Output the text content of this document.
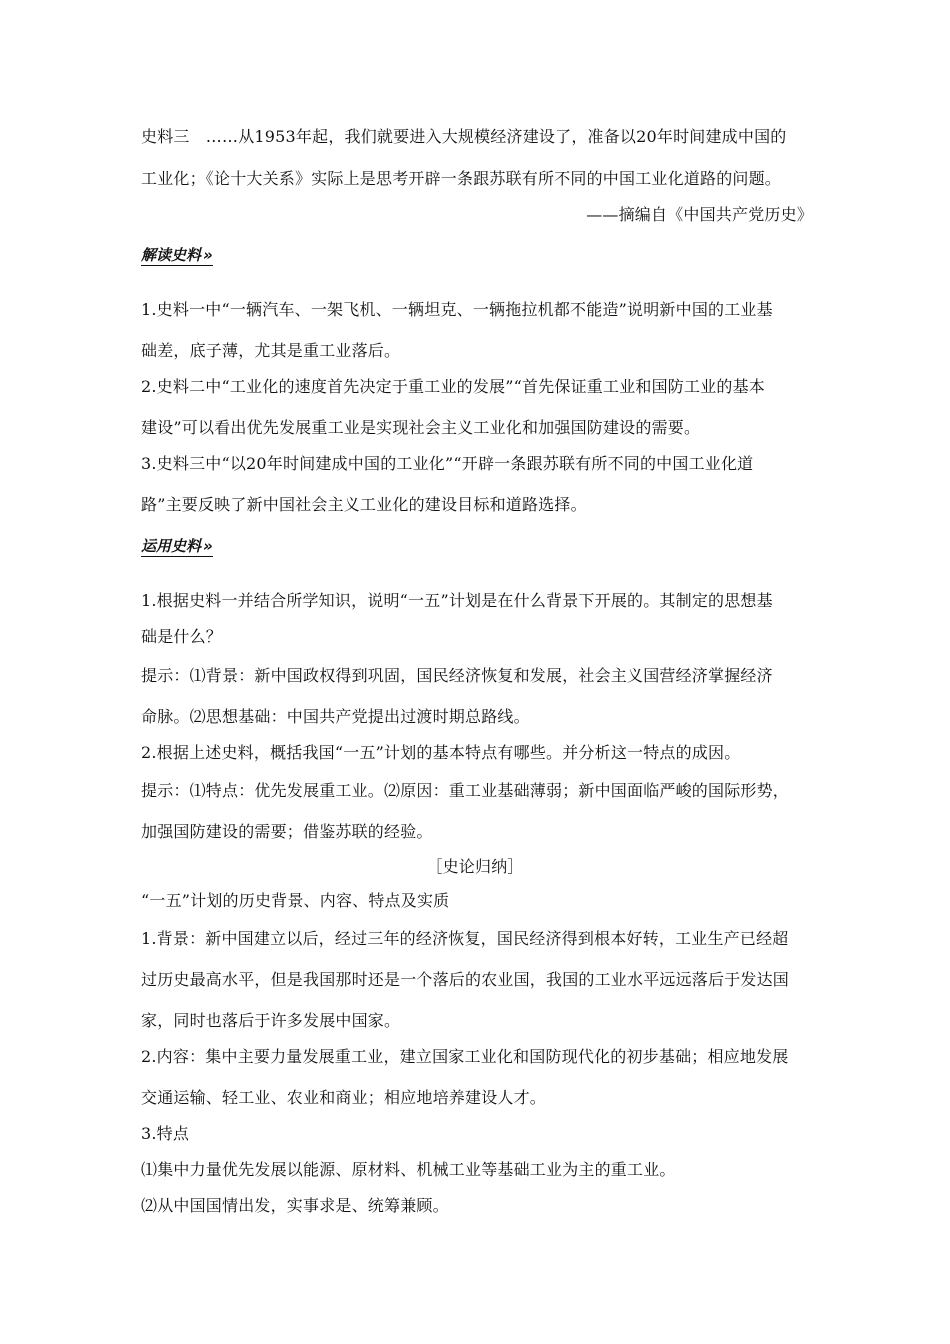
史料三　……从1953年起，我们就要进入大规模经济建设了，准备以20年时间建成中国的
工业化；《论十大关系》实际上是思考开辟一条跟苏联有所不同的中国工业化道路的问题。
——摘编自《中国共产党历史》
解读史料 »
1.史料一中“一辆汽车、一架飞机、一辆坦克、一辆拖拉机都不能造”说明新中国的工业基
础差，底子薄，尤其是重工业落后。
2.史料二中“工业化的速度首先决定于重工业的发展”“首先保证重工业和国防工业的基本
建设”可以看出优先发展重工业是实现社会主义工业化和加强国防建设的需要。
3.史料三中“以20年时间建成中国的工业化”“开辟一条跟苏联有所不同的中国工业化道
路”主要反映了新中国社会主义工业化的建设目标和道路选择。
运用史料 »
1.根据史料一并结合所学知识，说明“一五”计划是在什么背景下开展的。其制定的思想基
础是什么？
提示：⑴背景：新中国政权得到巩固，国民经济恢复和发展，社会主义国营经济掌握经济
命脉。⑵思想基础：中国共产党提出过渡时期总路线。
2.根据上述史料，概括我国“一五”计划的基本特点有哪些。并分析这一特点的成因。
提示：⑴特点：优先发展重工业。⑵原因：重工业基础薄弱；新中国面临严峻的国际形势，
加强国防建设的需要；借鉴苏联的经验。
［史论归纳］
“一五”计划的历史背景、内容、特点及实质
1.背景：新中国建立以后，经过三年的经济恢复，国民经济得到根本好转，工业生产已经超
过历史最高水平，但是我国那时还是一个落后的农业国，我国的工业水平远远落后于发达国
家，同时也落后于许多发展中国家。
2.内容：集中主要力量发展重工业，建立国家工业化和国防现代化的初步基础；相应地发展
交通运输、轻工业、农业和商业；相应地培养建设人才。
3.特点
⑴集中力量优先发展以能源、原材料、机械工业等基础工业为主的重工业。
⑵从中国国情出发，实事求是、统筹兼顾。
